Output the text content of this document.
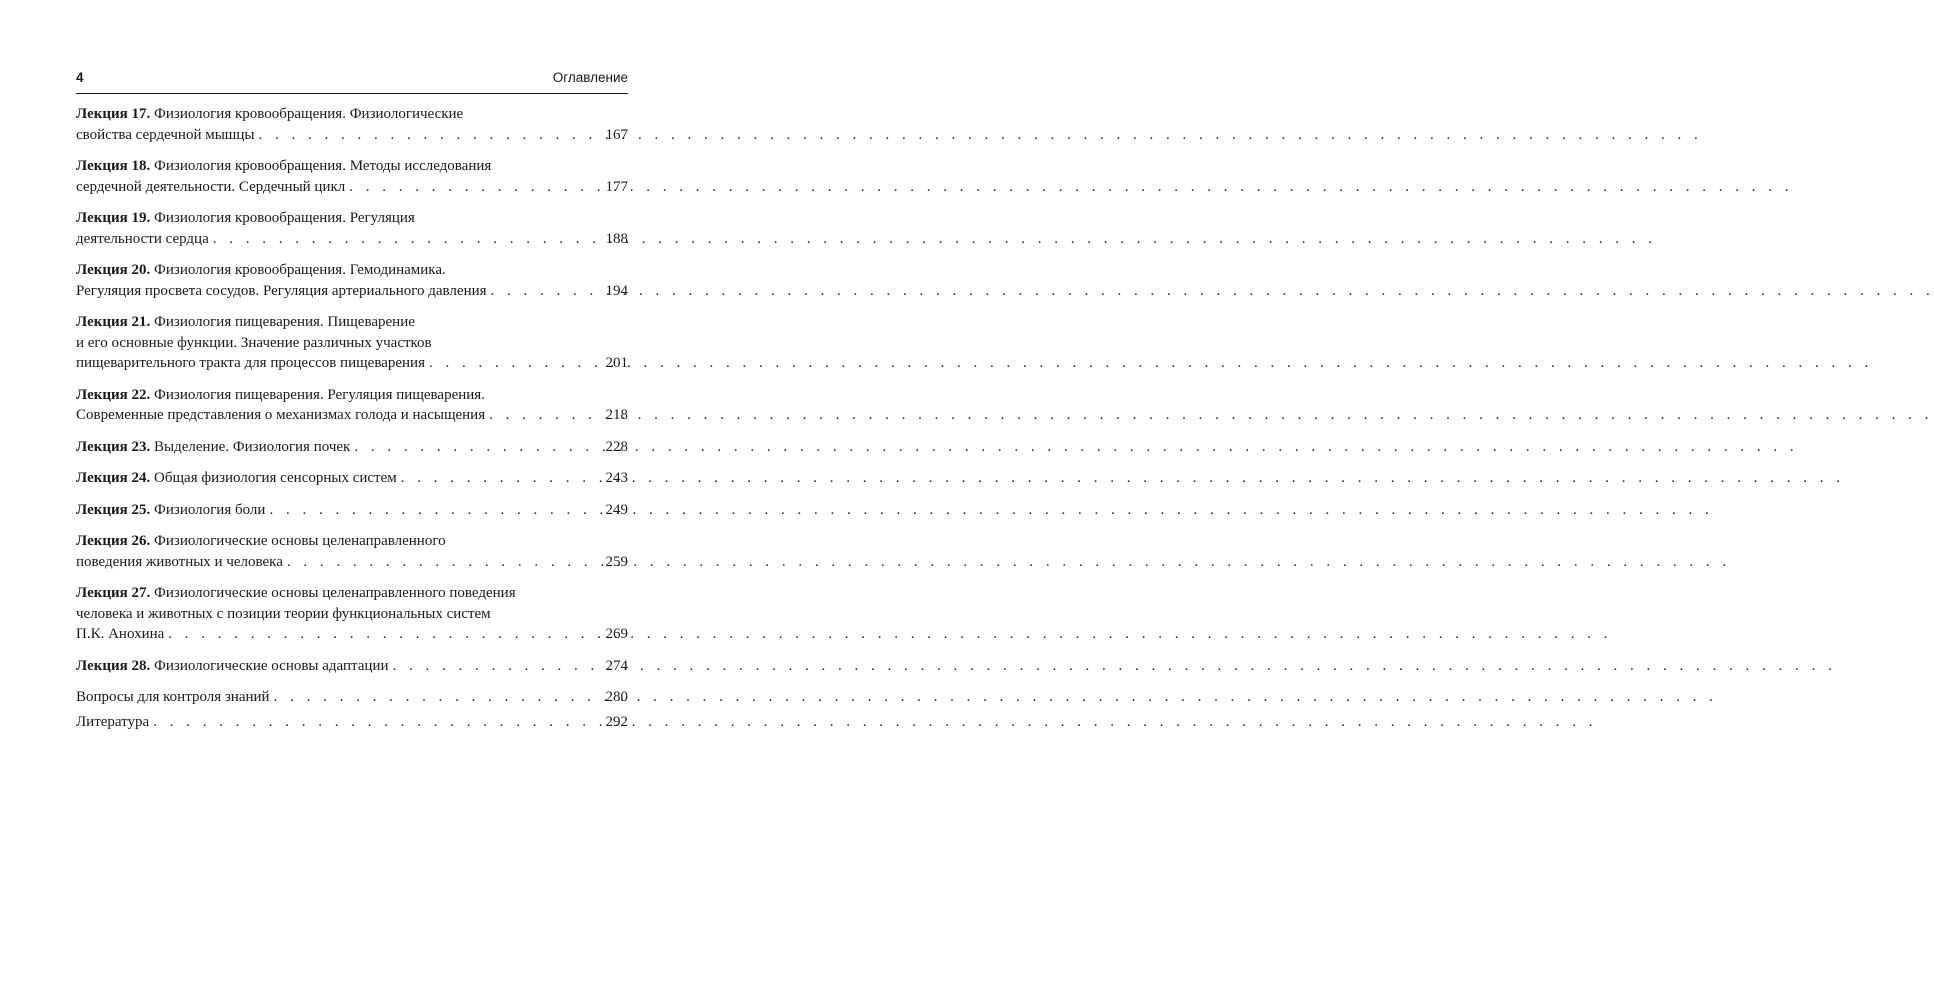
4	Оглавление
Лекция 17. Физиология кровообращения. Физиологические
свойства сердечной мышцы . . .	167
Лекция 18. Физиология кровообращения. Методы исследования
сердечной деятельности. Сердечный цикл . . .	177
Лекция 19. Физиология кровообращения. Регуляция
деятельности сердца . . .	188
Лекция 20. Физиология кровообращения. Гемодинамика.
Регуляция просвета сосудов. Регуляция артериального давления . . .	194
Лекция 21. Физиология пищеварения. Пищеварение
и его основные функции. Значение различных участков
пищеварительного тракта для процессов пищеварения . . .	201
Лекция 22. Физиология пищеварения. Регуляция пищеварения.
Современные представления о механизмах голода и насыщения . . .	218
Лекция 23. Выделение. Физиология почек . . .	228
Лекция 24. Общая физиология сенсорных систем . . .	243
Лекция 25. Физиология боли . . .	249
Лекция 26. Физиологические основы целенаправленного
поведения животных и человека . . .	259
Лекция 27. Физиологические основы целенаправленного поведения
человека и животных с позиции теории функциональных систем
П.К. Анохина . . .	269
Лекция 28. Физиологические основы адаптации . . .	274
Вопросы для контроля знаний . . .	280
Литература . . .	292
